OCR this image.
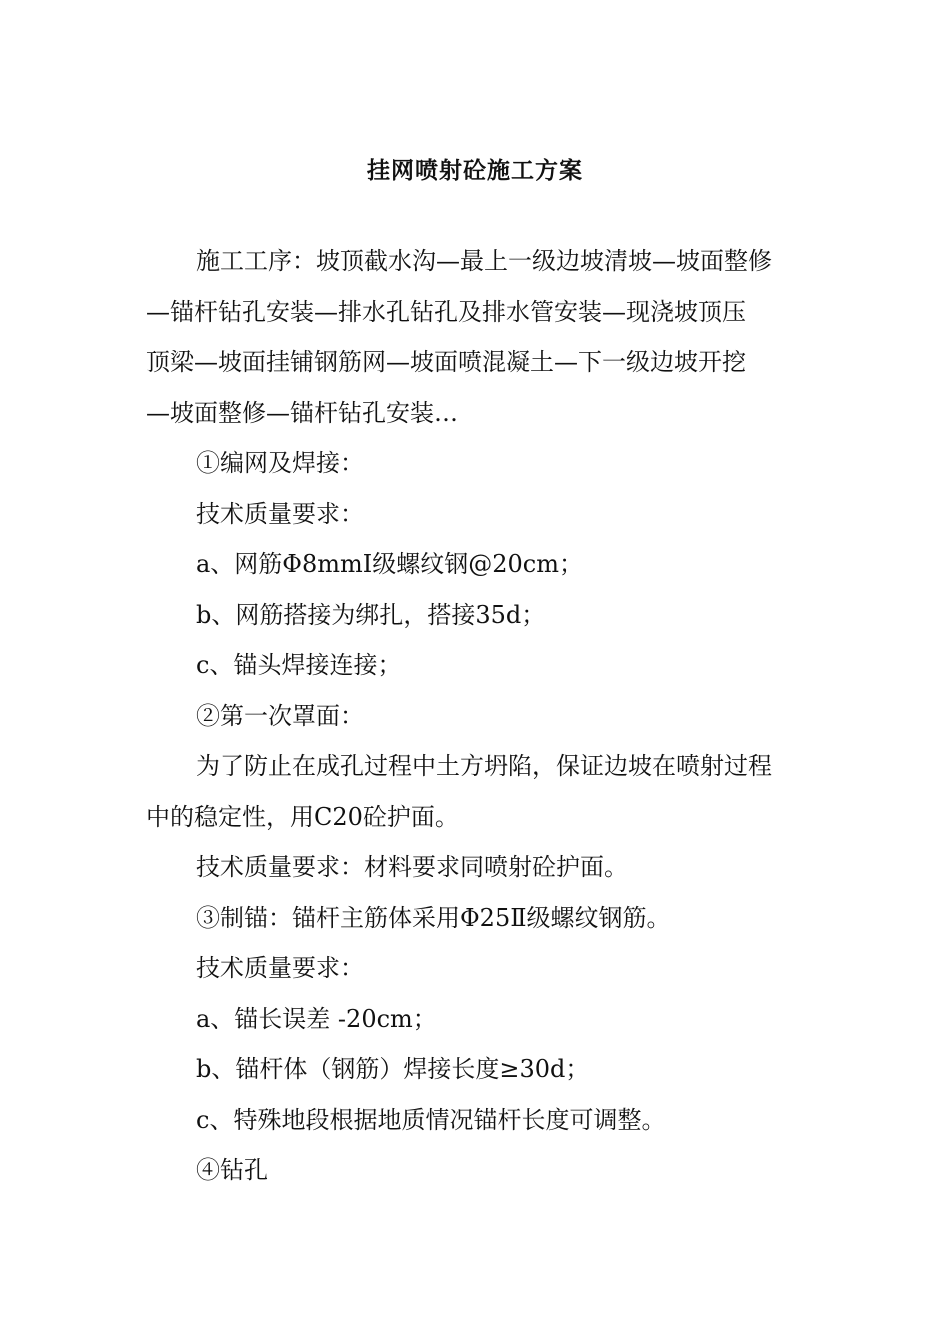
挂网喷射砼施工方案

施工工序：坡顶截水沟—最上一级边坡清坡—坡面整修

—锚杆钻孔安装—排水孔钻孔及排水管安装—现浇坡顶压

顶梁—坡面挂铺钢筋网—坡面喷混凝土—下一级边坡开挖

—坡面整修—锚杆钻孔安装…

①编网及焊接：

技术质量要求：

a、网筋Φ8mmI级螺纹钢@20cm；

b、网筋搭接为绑扎，搭接35d；

c、锚头焊接连接；

②第一次罩面：

为了防止在成孔过程中土方坍陷，保证边坡在喷射过程

中的稳定性，用C20砼护面。

技术质量要求：材料要求同喷射砼护面。

③制锚：锚杆主筋体采用Φ25Ⅱ级螺纹钢筋。

技术质量要求：

a、锚长误差 -20cm；

b、锚杆体（钢筋）焊接长度≥30d；

c、特殊地段根据地质情况锚杆长度可调整。

④钻孔
